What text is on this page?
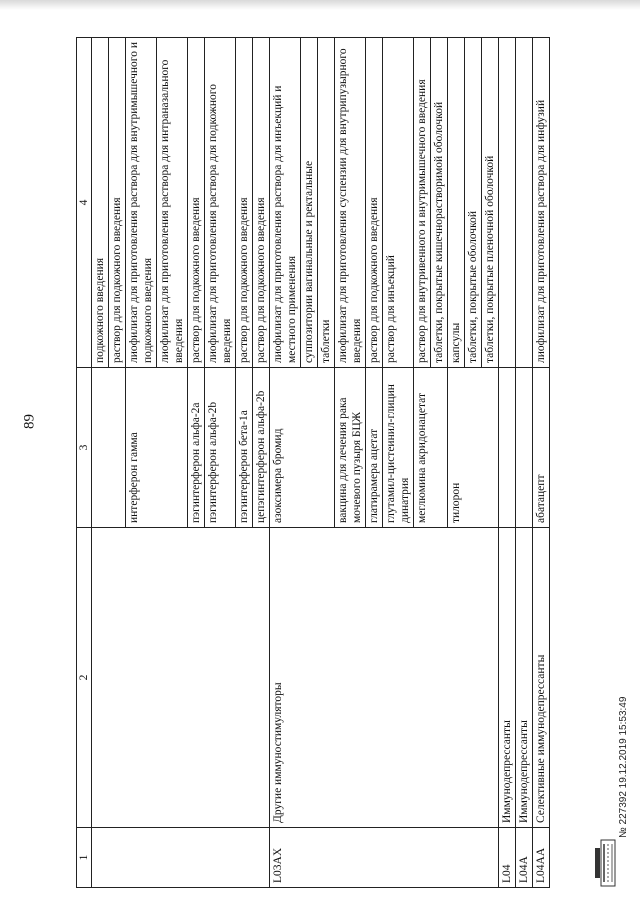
89
1	2	3	4
			подкожного введения
			раствор для подкожного введения
		интерферон гамма	лиофилизат для приготовления раствора для внутримышечного и подкожного введения
			лиофилизат для приготовления раствора для интраназального введения
		пэгинтерферон альфа-2a	раствор для подкожного введения
		пэгинтерферон альфа-2b	лиофилизат для приготовления раствора для подкожного введения
		пэгинтерферон бета-1a	раствор для подкожного введения
		цепэгинтерферон альфа-2b	раствор для подкожного введения
L03AX	Другие иммуностимуляторы	азоксимера бромид	лиофилизат для приготовления раствора для инъекций и местного применения
			суппозитории вагинальные и ректальные
			таблетки
		вакцина для лечения рака мочевого пузыря БЦЖ	лиофилизат для приготовления суспензии для внутрипузырного введения
		глатирамера ацетат	раствор для подкожного введения
		глутамил-цистеинил-глицин динатрия	раствор для инъекций
		меглюмина акридонацетат	раствор для внутривенного и внутримышечного введения
			таблетки, покрытые кишечнорастворимой оболочкой
		тилорон	капсулы
			таблетки, покрытые оболочкой
			таблетки, покрытые пленочной оболочкой
L04	Иммунодепрессанты		
L04A	Иммунодепрессанты		
L04AA	Селективные иммунодепрессанты	абатацепт	лиофилизат для приготовления раствора для инфузий
№ 227392 19.12.2019 15:53:49
